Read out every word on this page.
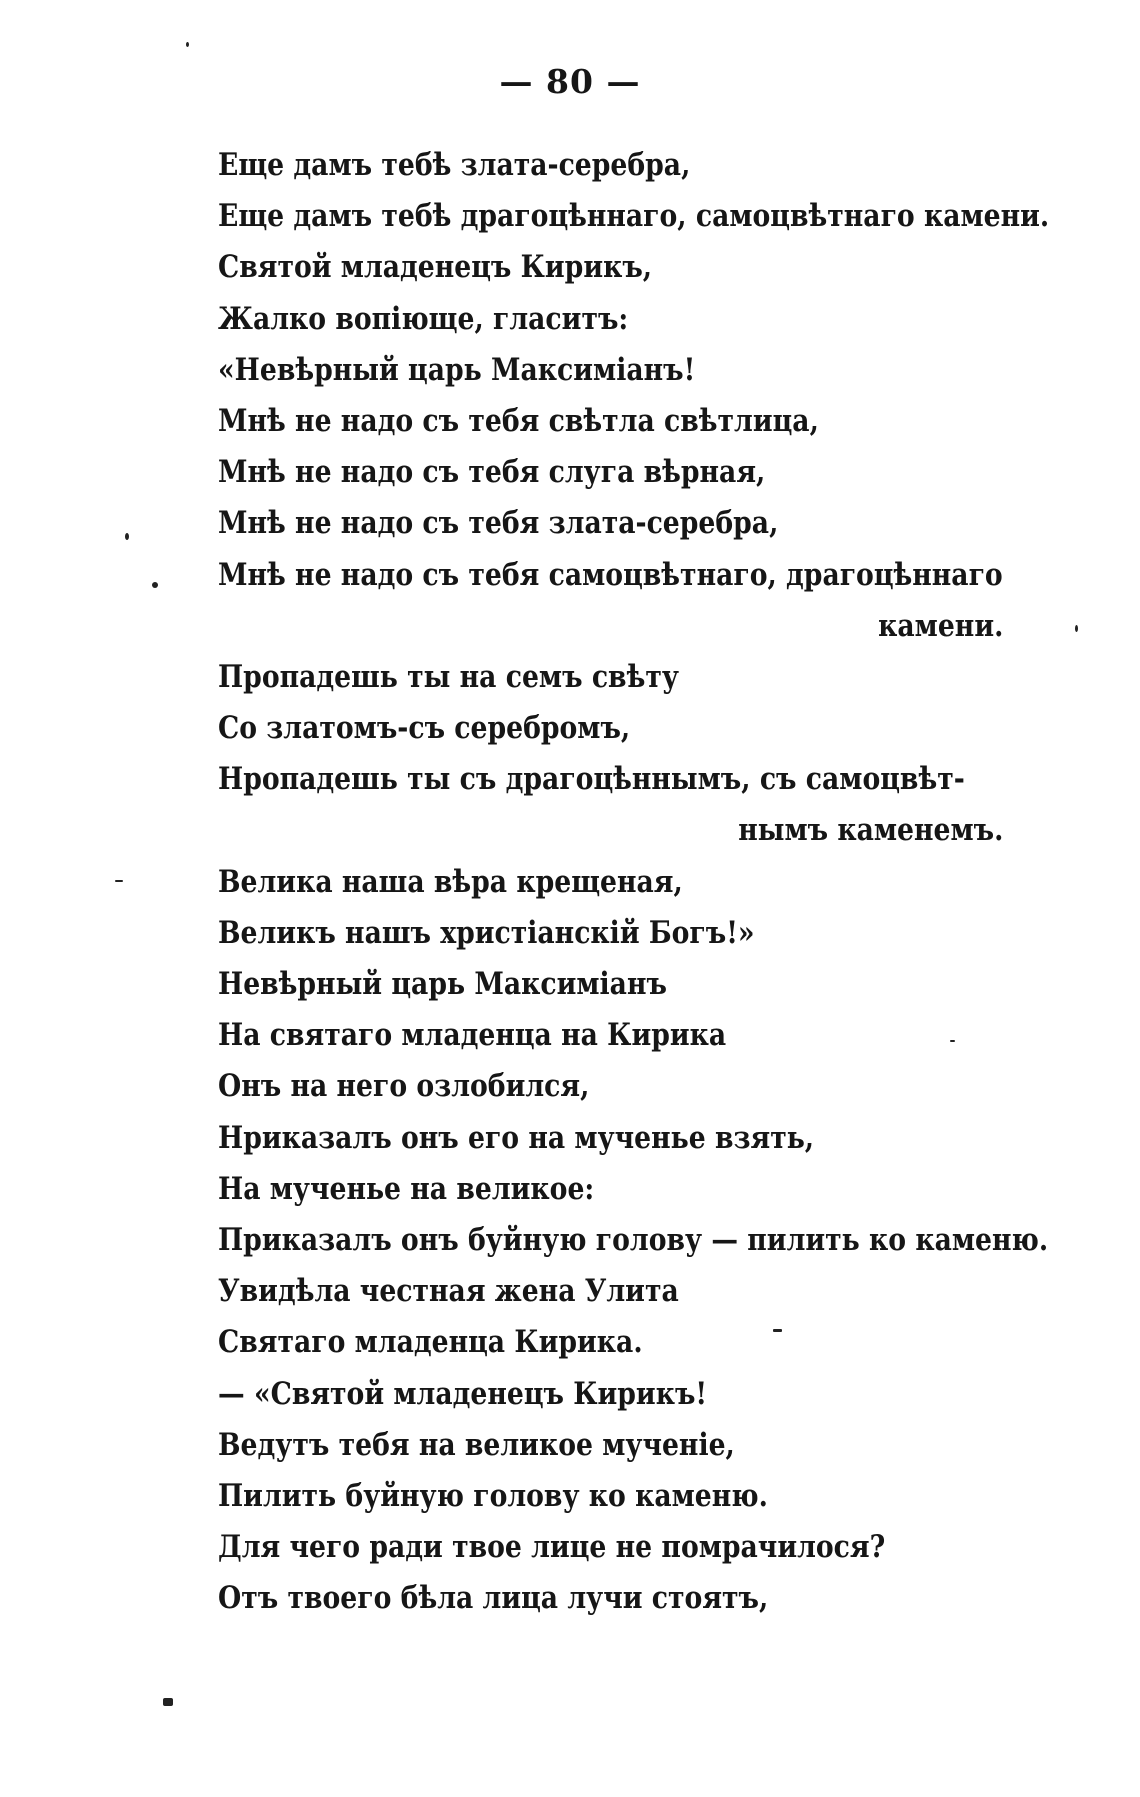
— 80 —
Еще дамъ тебѣ злата-серебра,
Еще дамъ тебѣ драгоцѣннаго, самоцвѣтнаго камени.
Святой младенецъ Кирикъ,
Жалко вопiюще, гласитъ:
«Невѣрный царь Максимiанъ!
Мнѣ не надо съ тебя свѣтла свѣтлица,
Мнѣ не надо съ тебя слуга вѣрная,
Мнѣ не надо съ тебя злата-серебра,
Мнѣ не надо съ тебя самоцвѣтнаго, драгоцѣннаго
камени.
Пропадешь ты на семъ свѣту
Со златомъ-съ серебромъ,
Нропадешь ты съ драгоцѣннымъ, съ самоцвѣт-
нымъ каменемъ.
Велика наша вѣра крещеная,
Великъ нашъ христiанскiй Богъ!»
Невѣрный царь Максимiанъ
На святаго младенца на Кирика
Онъ на него озлобился,
Нриказалъ онъ его на мученье взять,
На мученье на великое:
Приказалъ онъ буйную голову — пилить ко каменю.
Увидѣла честная жена Улита
Святаго младенца Кирика.
— «Святой младенецъ Кирикъ!
Ведутъ тебя на великое мученiе,
Пилить буйную голову ко каменю.
Для чего ради твое лице не помрачилося?
Отъ твоего бѣла лица лучи стоятъ,
